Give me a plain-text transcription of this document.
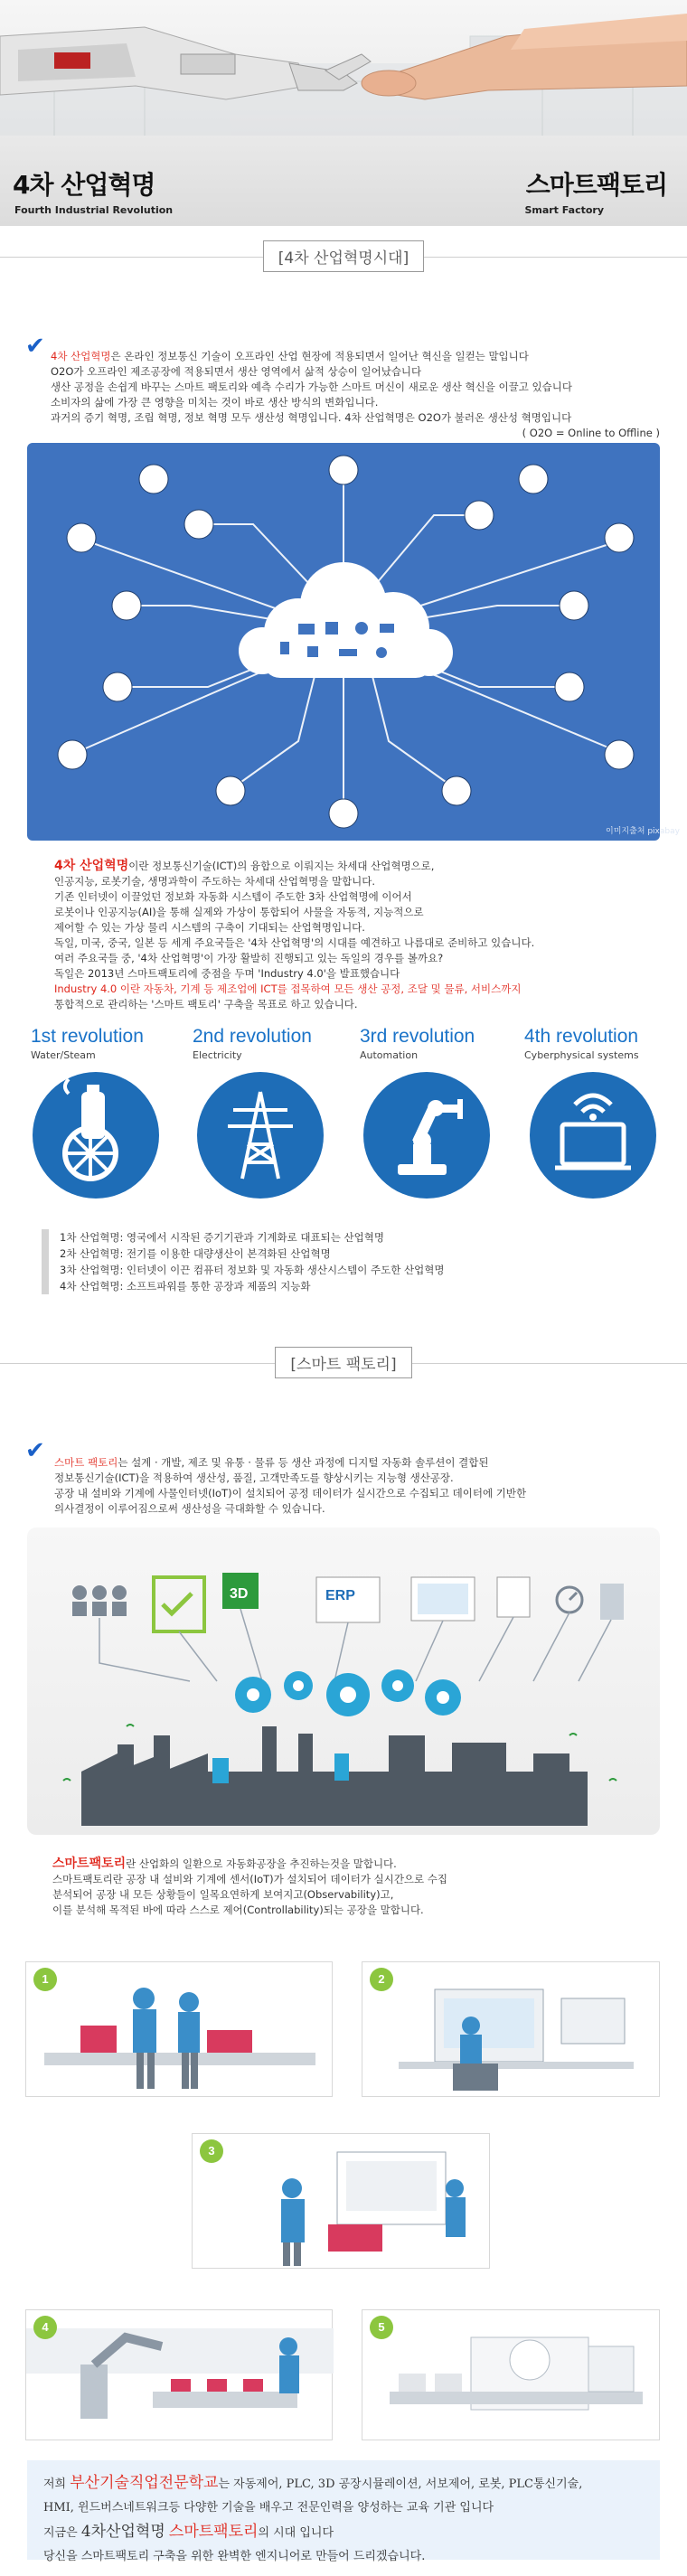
4차 산업혁명
Fourth Industrial Revolution
스마트팩토리
Smart Factory
[4차 산업혁명시대]
✔ 4차 산업혁명은 온라인 정보통신 기술이 오프라인 산업 현장에 적용되면서 일어난 혁신을 일컫는 말입니다
O2O가 오프라인 제조공장에 적용되면서 생산 영역에서 삶적 상승이 일어났습니다
생산 공정을 손쉽게 바꾸는 스마트 팩토리와 예측 수리가 가능한 스마트 머신이 새로운 생산 혁신을 이끌고 있습니다
소비자의 삶에 가장 큰 영향을 미치는 것이 바로 생산 방식의 변화입니다.
과거의 증기 혁명, 조립 혁명, 정보 혁명 모두 생산성 혁명입니다. 4차 산업혁명은 O2O가 불러온 생산성 혁명입니다
( O2O = Online to Offline )
이미지출처 pixabay
4차 산업혁명이란 정보통신기술(ICT)의 융합으로 이뤄지는 차세대 산업혁명으로,
인공지능, 로봇기술, 생명과학이 주도하는 차세대 산업혁명을 말합니다.
기존 인터넷이 이끌었던 정보화 자동화 시스템이 주도한 3차 산업혁명에 이어서
로봇이나 인공지능(AI)을 통해 실제와 가상이 통합되어 사물을 자동적, 지능적으로
제어할 수 있는 가상 물리 시스템의 구축이 기대되는 산업혁명입니다.
독일, 미국, 중국, 일본 등 세계 주요국들은 '4차 산업혁명'의 시대를 예견하고 나름대로 준비하고 있습니다.
여러 주요국들 중, '4차 산업혁명'이 가장 활발히 진행되고 있는 독일의 경우를 볼까요?
독일은 2013년 스마트팩토리에 중점을 두며 'Industry 4.0'을 발표했습니다
Industry 4.0 이란 자동차, 기계 등 제조업에 ICT를 접목하여 모든 생산 공정, 조달 및 물류, 서비스까지
통합적으로 관리하는 '스마트 팩토리' 구축을 목표로 하고 있습니다.
1st revolution
Water/Steam
2nd revolution
Electricity
3rd revolution
Automation
4th revolution
Cyberphysical systems
1차 산업혁명: 영국에서 시작된 증기기관과 기계화로 대표되는 산업혁명
2차 산업혁명: 전기를 이용한 대량생산이 본격화된 산업혁명
3차 산업혁명: 인터넷이 이끈 컴퓨터 정보화 및 자동화 생산시스템이 주도한 산업혁명
4차 산업혁명: 소프트파워를 통한 공장과 제품의 지능화
[스마트 팩토리]
✔ 스마트 팩토리는 설계 · 개발, 제조 및 유통 · 물류 등 생산 과정에 디지털 자동화 솔루션이 결합된
정보통신기술(ICT)을 적용하여 생산성, 품질, 고객만족도를 향상시키는 지능형 생산공장.
공장 내 설비와 기계에 사물인터넷(IoT)이 설치되어 공정 데이터가 실시간으로 수집되고 데이터에 기반한
의사결정이 이루어짐으로써 생산성을 극대화할 수 있습니다.
3D	ERP
스마트팩토리란 산업화의 일환으로 자동화공장을 추진하는것을 말합니다.
스마트팩토리란 공장 내 설비와 기계에 센서(IoT)가 설치되어 데이터가 실시간으로 수집
분석되어 공장 내 모든 상황들이 일목요연하게 보여지고(Observability)고,
이를 분석해 목적된 바에 따라 스스로 제어(Controllability)되는 공장을 말합니다.
1	2
3
4	5
저희 부산기술직업전문학교는 자동제어, PLC, 3D 공장시뮬레이션, 서보제어, 로봇, PLC통신기술,
HMI, 윈드버스네트워크등 다양한 기술을 배우고 전문인력을 양성하는 교육 기관 입니다
지금은 4차산업혁명 스마트팩토리의 시대 입니다
당신을 스마트팩토리 구축을 위한 완벽한 엔지니어로 만들어 드리겠습니다.
